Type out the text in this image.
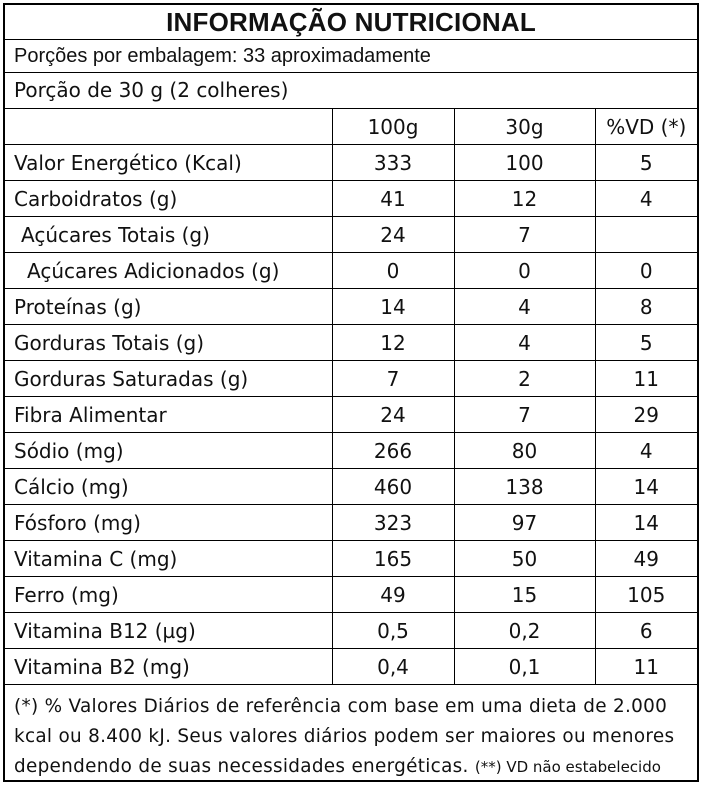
INFORMAÇÃO NUTRICIONAL
Porções por embalagem: 33 aproximadamente
Porção de 30 g (2 colheres)
	100g	30g	%VD (*)
Valor Energético (Kcal)	333	100	5
Carboidratos (g)	41	12	4
Açúcares Totais (g)	24	7	
Açúcares Adicionados (g)	0	0	0
Proteínas (g)	14	4	8
Gorduras Totais (g)	12	4	5
Gorduras Saturadas (g)	7	2	11
Fibra Alimentar	24	7	29
Sódio (mg)	266	80	4
Cálcio (mg)	460	138	14
Fósforo (mg)	323	97	14
Vitamina C (mg)	165	50	49
Ferro (mg)	49	15	105
Vitamina B12 (µg)	0,5	0,2	6
Vitamina B2 (mg)	0,4	0,1	11
(*) % Valores Diários de referência com base em uma dieta de 2.000
kcal ou 8.400 kJ. Seus valores diários podem ser maiores ou menores
dependendo de suas necessidades energéticas. (**) VD não estabelecido
